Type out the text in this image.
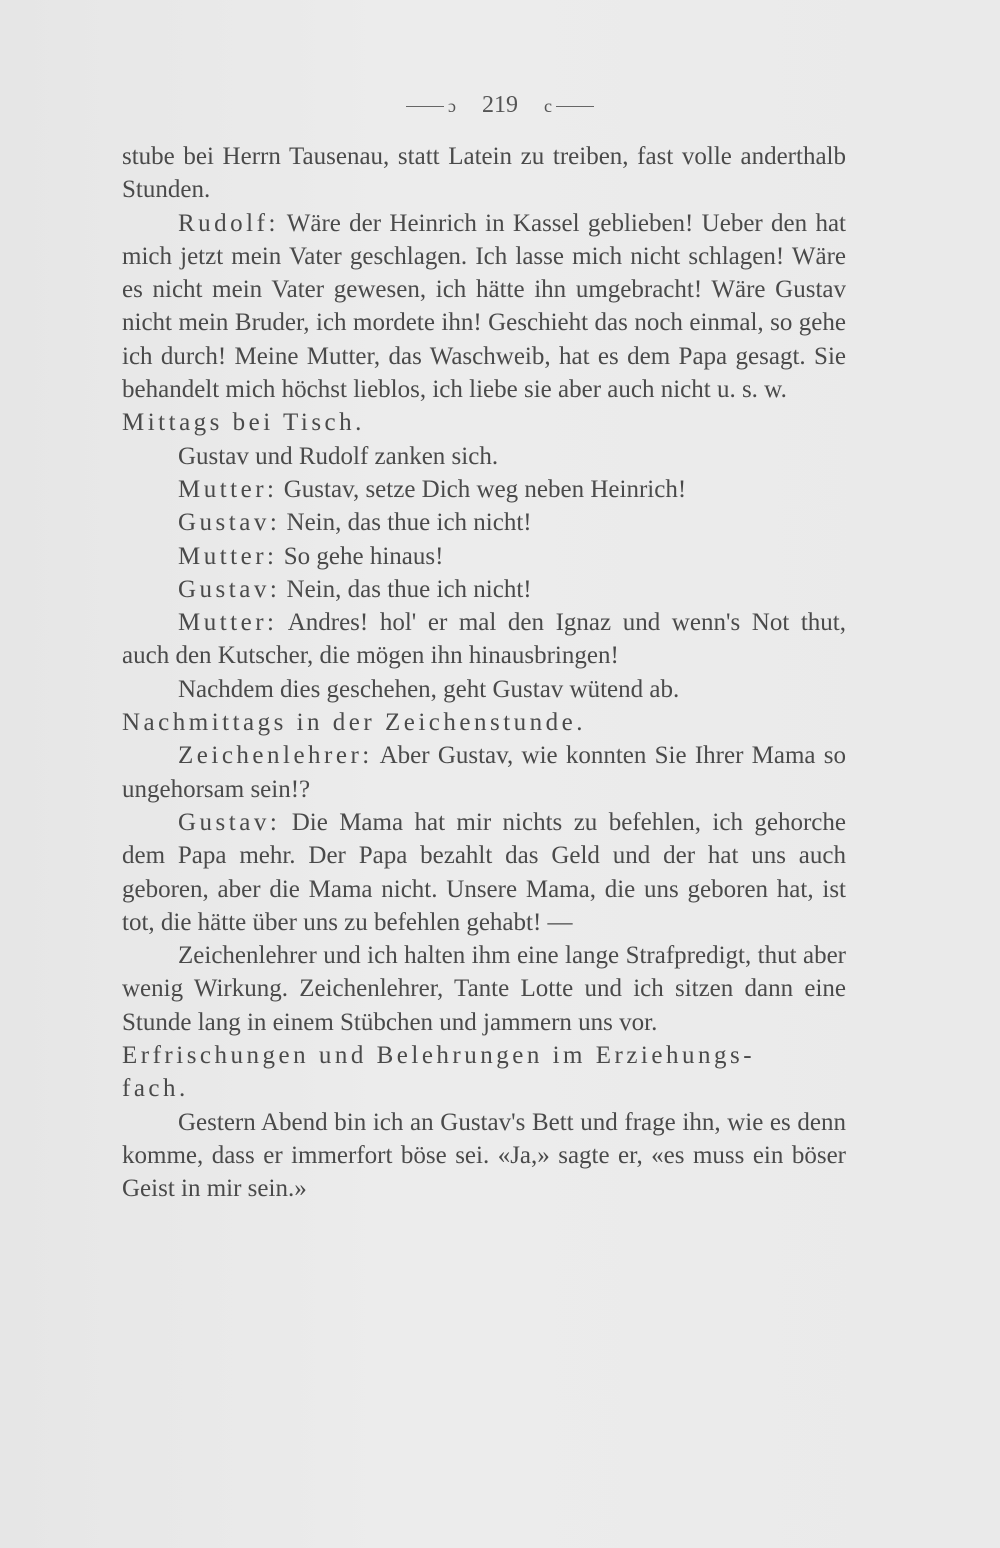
ɔ 219 c

stube bei Herrn Tausenau, statt Latein zu treiben, fast volle anderthalb Stunden.

Rudolf: Wäre der Heinrich in Kassel geblieben! Ueber den hat mich jetzt mein Vater geschlagen. Ich lasse mich nicht schlagen! Wäre es nicht mein Vater gewesen, ich hätte ihn umgebracht! Wäre Gustav nicht mein Bruder, ich mordete ihn! Geschieht das noch einmal, so gehe ich durch! Meine Mutter, das Waschweib, hat es dem Papa gesagt. Sie behandelt mich höchst lieblos, ich liebe sie aber auch nicht u. s. w.

Mittags bei Tisch.

Gustav und Rudolf zanken sich.

Mutter: Gustav, setze Dich weg neben Heinrich!

Gustav: Nein, das thue ich nicht!

Mutter: So gehe hinaus!

Gustav: Nein, das thue ich nicht!

Mutter: Andres! hol' er mal den Ignaz und wenn's Not thut, auch den Kutscher, die mögen ihn hinausbringen!

Nachdem dies geschehen, geht Gustav wütend ab.

Nachmittags in der Zeichenstunde.

Zeichenlehrer: Aber Gustav, wie konnten Sie Ihrer Mama so ungehorsam sein!?

Gustav: Die Mama hat mir nichts zu befehlen, ich gehorche dem Papa mehr. Der Papa bezahlt das Geld und der hat uns auch geboren, aber die Mama nicht. Unsere Mama, die uns geboren hat, ist tot, die hätte über uns zu befehlen gehabt! —

Zeichenlehrer und ich halten ihm eine lange Strafpredigt, thut aber wenig Wirkung. Zeichenlehrer, Tante Lotte und ich sitzen dann eine Stunde lang in einem Stübchen und jammern uns vor.

Erfrischungen und Belehrungen im Erziehungs-

fach.

Gestern Abend bin ich an Gustav's Bett und frage ihn, wie es denn komme, dass er immerfort böse sei. «Ja,» sagte er, «es muss ein böser Geist in mir sein.»
